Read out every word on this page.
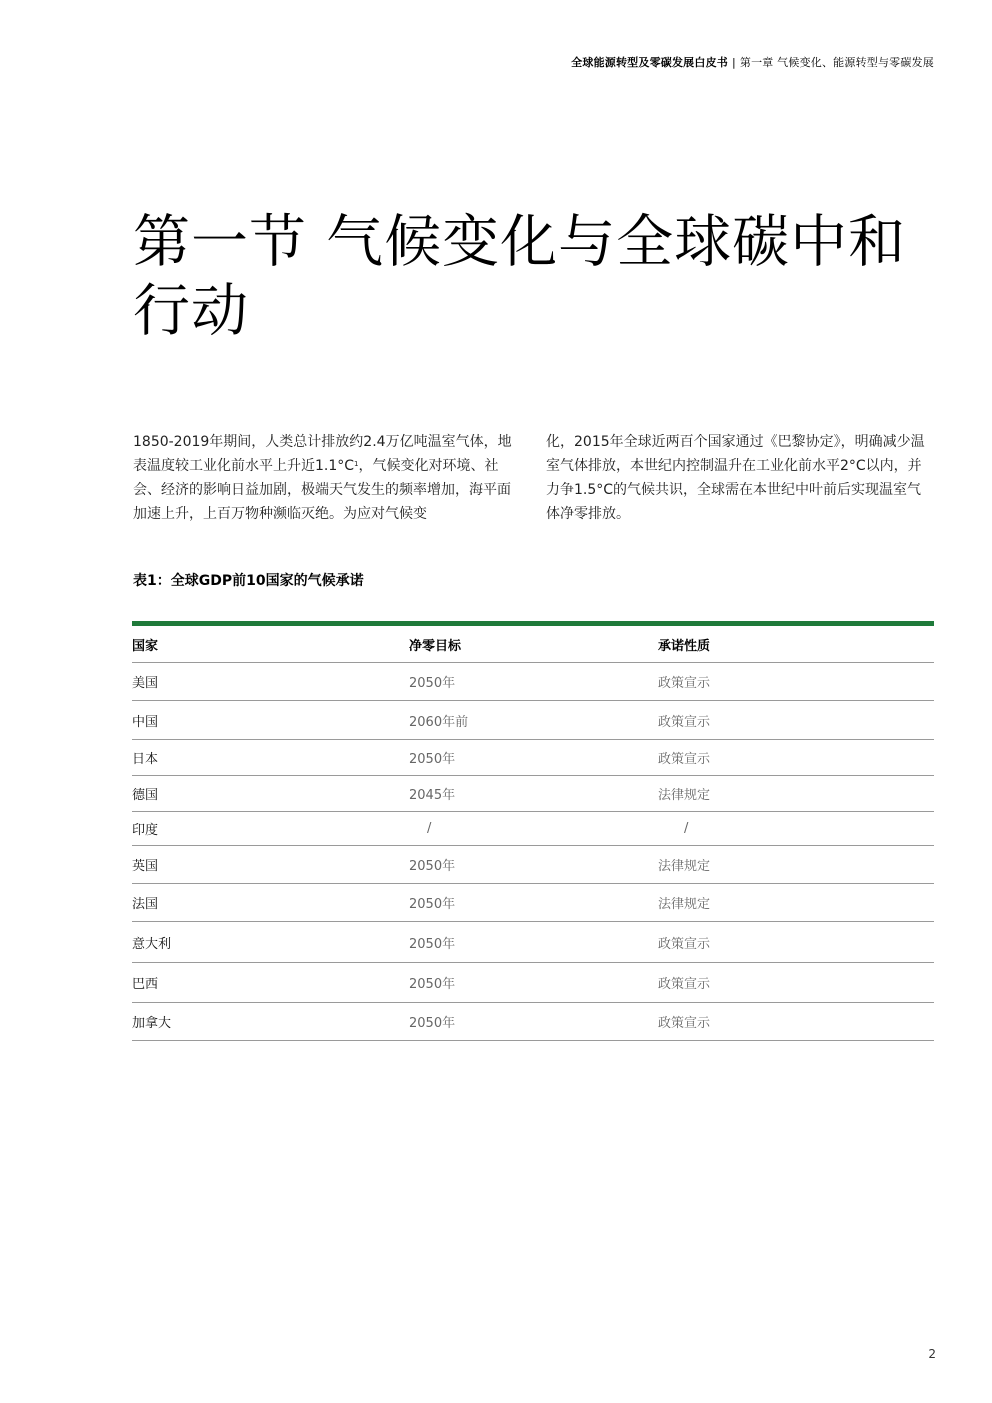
全球能源转型及零碳发展白皮书 | 第一章 气候变化、能源转型与零碳发展
第一节 气候变化与全球碳中和行动
1850-2019年期间，人类总计排放约2.4万亿吨温室气体，地表温度较工业化前水平上升近$1.1^\circ C^1$，气候变化对环境、社会、经济的影响日益加剧，极端天气发生的频率增加，海平面加速上升，上百万物种濒临灭绝。为应对气候变
化，2015年全球近两百个国家通过《巴黎协定》，明确减少温室气体排放，本世纪内控制温升在工业化前水平2°C以内，并力争1.5°C的气候共识，全球需在本世纪中叶前后实现温室气体净零排放。
表1：全球GDP前10国家的气候承诺
国家	净零目标	承诺性质
美国	2050年	政策宣示
中国	2060年前	政策宣示
日本	2050年	政策宣示
德国	2045年	法律规定
印度	/	/
英国	2050年	法律规定
法国	2050年	法律规定
意大利	2050年	政策宣示
巴西	2050年	政策宣示
加拿大	2050年	政策宣示
2
